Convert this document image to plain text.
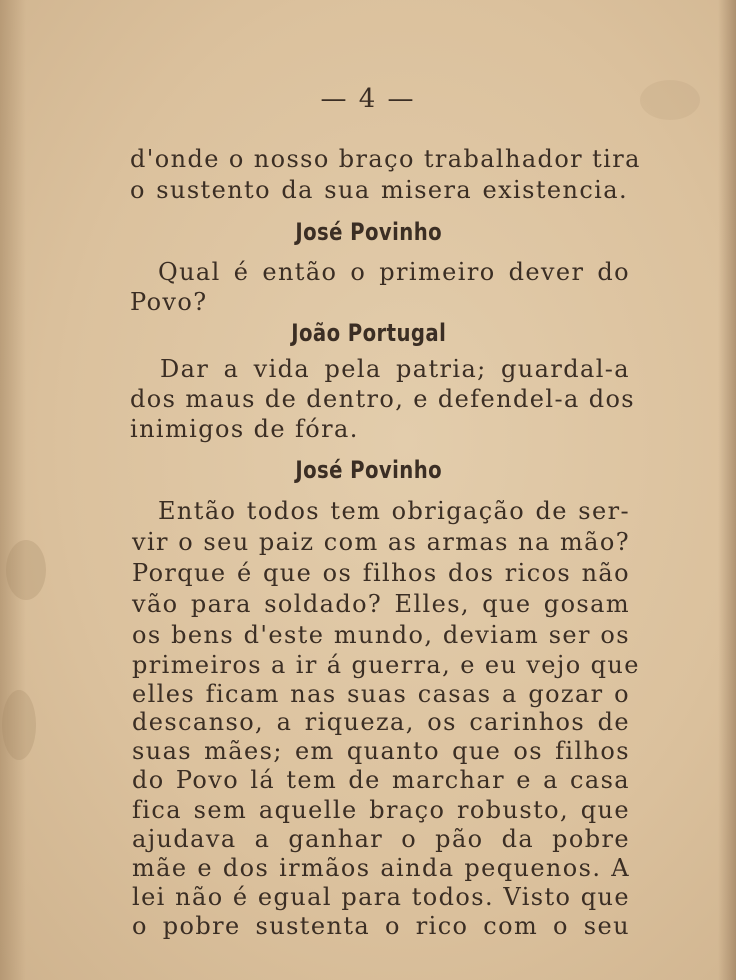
— 4 —
d'onde o nosso braço trabalhador tira
o sustento da sua misera existencia.
José Povinho
Qual é então o primeiro dever do
Povo?
João Portugal
Dar a vida pela patria; guardal-a
dos maus de dentro, e defendel-a dos
inimigos de fóra.
José Povinho
Então todos tem obrigação de ser-
vir o seu paiz com as armas na mão?
Porque é que os filhos dos ricos não
vão para soldado? Elles, que gosam
os bens d'este mundo, deviam ser os
primeiros a ir á guerra, e eu vejo que
elles ficam nas suas casas a gozar o
descanso, a riqueza, os carinhos de
suas mães; em quanto que os filhos
do Povo lá tem de marchar e a casa
fica sem aquelle braço robusto, que
ajudava a ganhar o pão da pobre
mãe e dos irmãos ainda pequenos. A
lei não é egual para todos. Visto que
o pobre sustenta o rico com o seu
